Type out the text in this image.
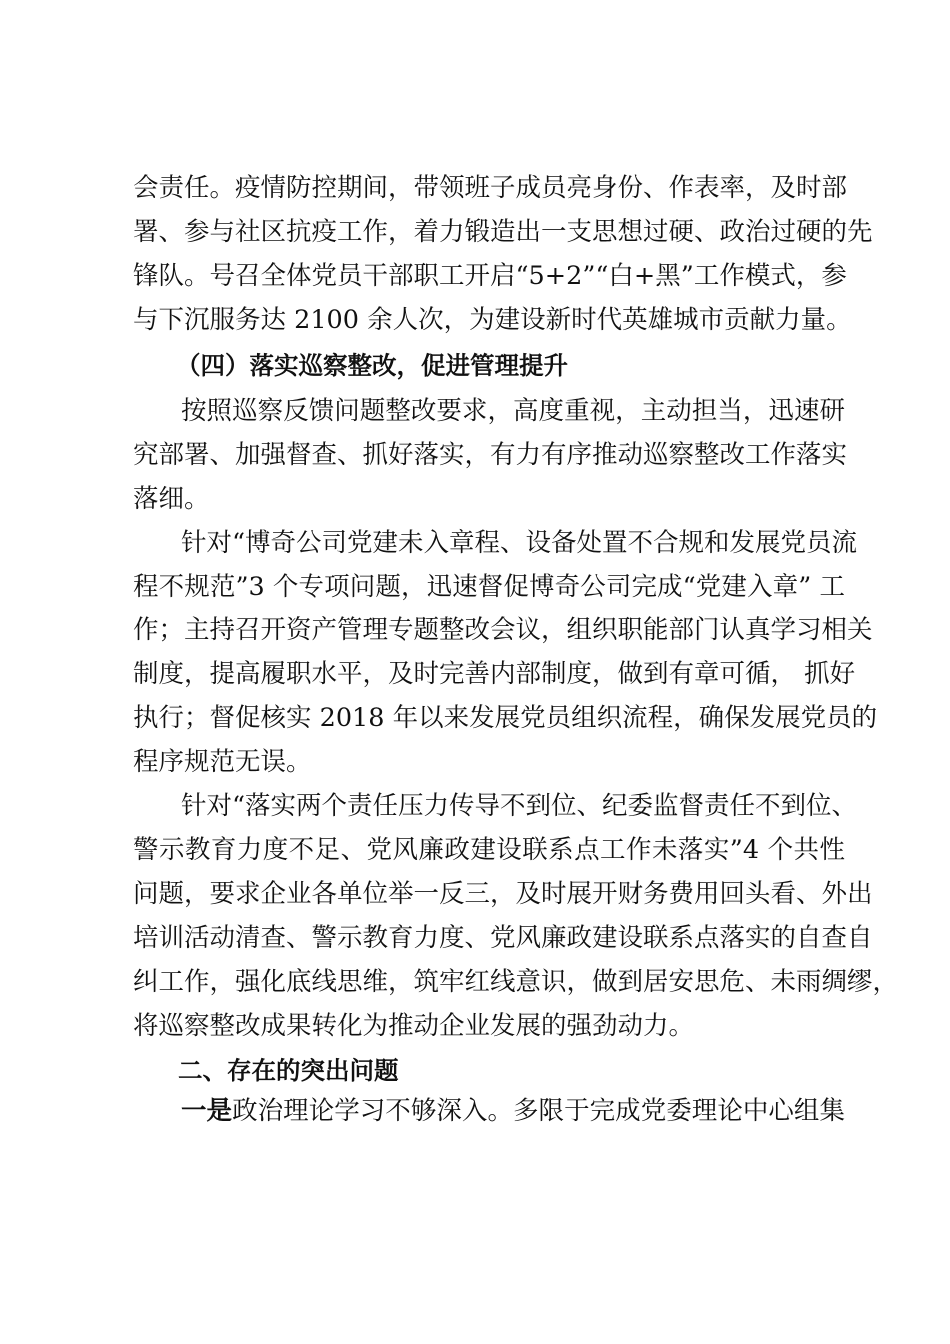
会责任。疫情防控期间，带领班子成员亮身份、作表率，及时部

署、参与社区抗疫工作，着力锻造出一支思想过硬、政治过硬的先

锋队。号召全体党员干部职工开启“5+2”“白+黑”工作模式，参

与下沉服务达 2100 余人次，为建设新时代英雄城市贡献力量。

（四）落实巡察整改，促进管理提升

按照巡察反馈问题整改要求，高度重视，主动担当，迅速研

究部署、加强督查、抓好落实，有力有序推动巡察整改工作落实

落细。

针对“博奇公司党建未入章程、设备处置不合规和发展党员流

程不规范”3 个专项问题，迅速督促博奇公司完成“党建入章” 工

作；主持召开资产管理专题整改会议，组织职能部门认真学习相关

制度，提高履职水平，及时完善内部制度，做到有章可循， 抓好

执行；督促核实 2018 年以来发展党员组织流程，确保发展党员的

程序规范无误。

针对“落实两个责任压力传导不到位、纪委监督责任不到位、

警示教育力度不足、党风廉政建设联系点工作未落实”4 个共性

问题，要求企业各单位举一反三，及时展开财务费用回头看、外出

培训活动清查、警示教育力度、党风廉政建设联系点落实的自查自

纠工作，强化底线思维，筑牢红线意识，做到居安思危、未雨绸缪，

将巡察整改成果转化为推动企业发展的强劲动力。

二、存在的突出问题

一是政治理论学习不够深入。多限于完成党委理论中心组集
